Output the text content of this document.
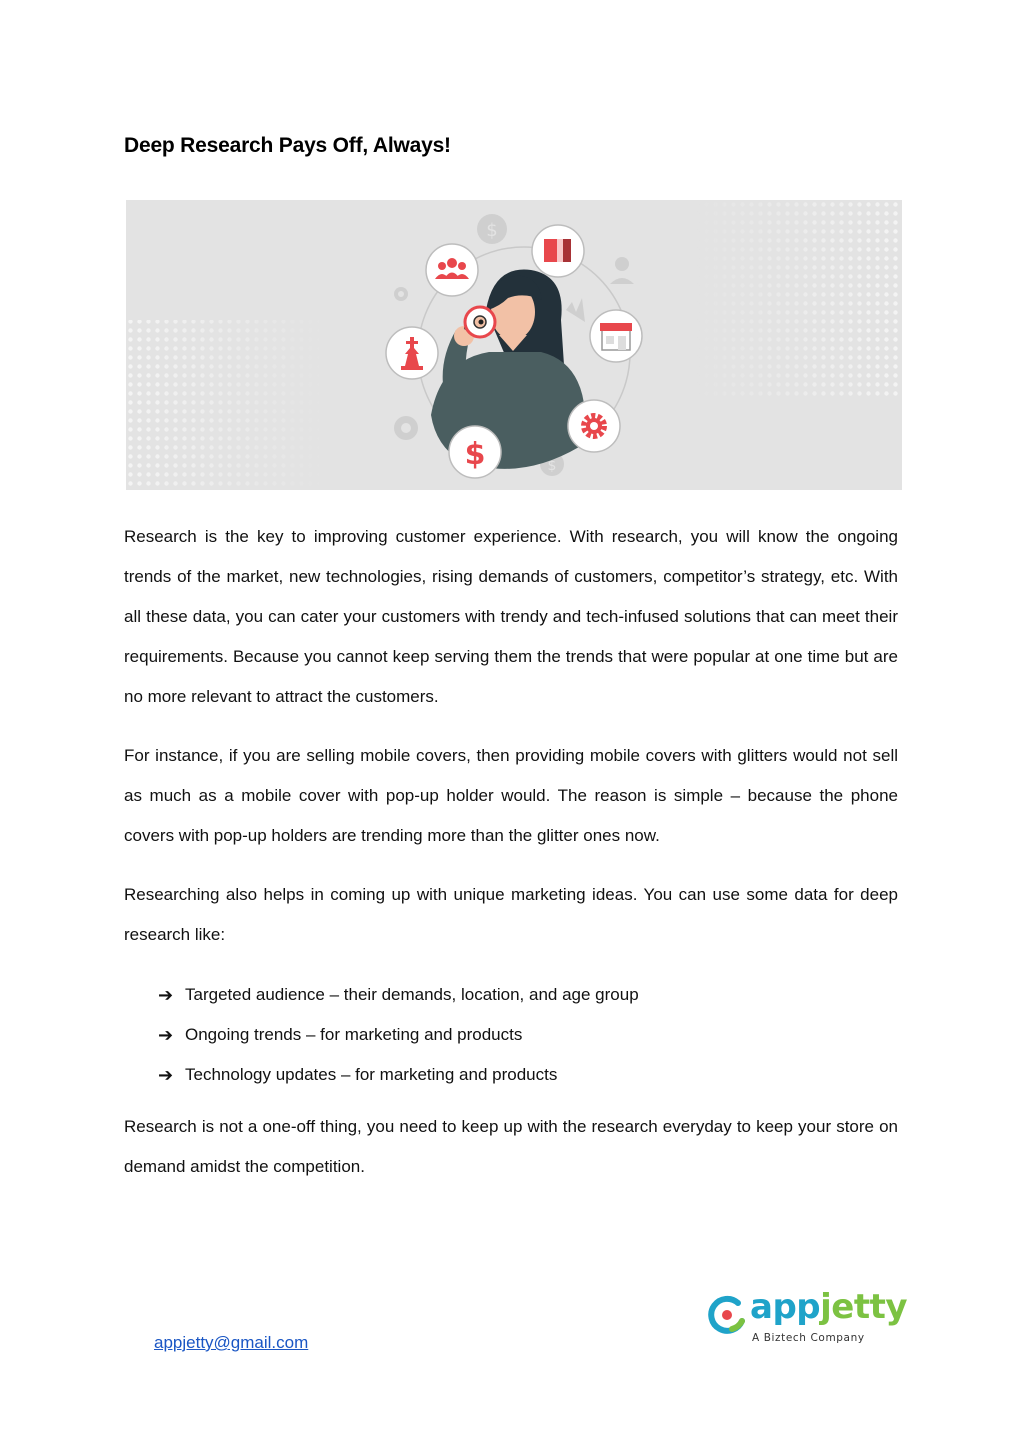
Deep Research Pays Off, Always!
$
$
$
Research is the key to improving customer experience. With research, you will know the ongoing trends of the market, new technologies, rising demands of customers, competitor’s strategy, etc. With all these data, you can cater your customers with trendy and tech-infused solutions that can meet their requirements. Because you cannot keep serving them the trends that were popular at one time but are no more relevant to attract the customers.
For instance, if you are selling mobile covers, then providing mobile covers with glitters would not sell as much as a mobile cover with pop-up holder would. The reason is simple – because the phone covers with pop-up holders are trending more than the glitter ones now.
Researching also helps in coming up with unique marketing ideas. You can use some data for deep research like:
➔ Targeted audience – their demands, location, and age group
➔ Ongoing trends – for marketing and products
➔ Technology updates – for marketing and products
Research is not a one-off thing, you need to keep up with the research everyday to keep your store on demand amidst the competition.
appjetty@gmail.com
appjetty
A Biztech Company
